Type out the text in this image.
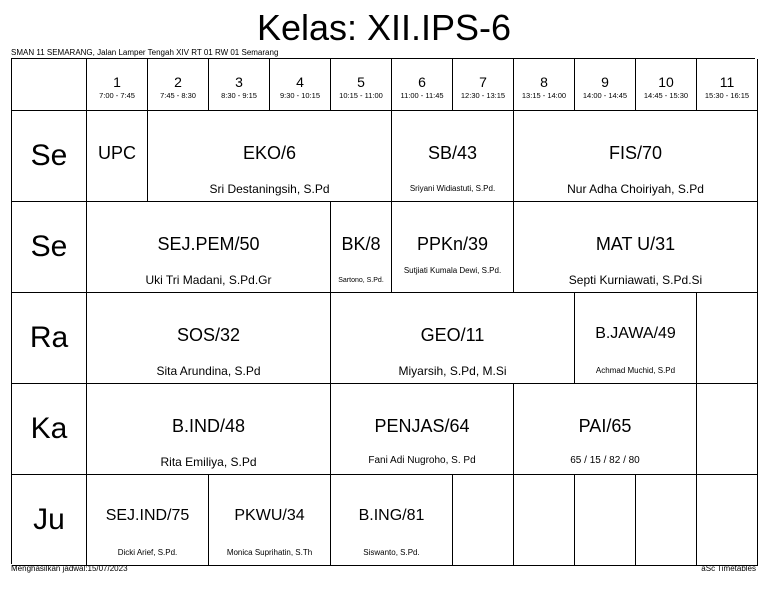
Kelas: XII.IPS-6
SMAN 11 SEMARANG, Jalan Lamper Tengah XIV RT 01 RW 01 Semarang
1
7:00 - 7:45
2
7:45 - 8:30
3
8:30 - 9:15
4
9:30 - 10:15
5
10:15 - 11:00
6
11:00 - 11:45
7
12:30 - 13:15
8
13:15 - 14:00
9
14:00 - 14:45
10
14:45 - 15:30
11
15:30 - 16:15
Se
Se
Ra
Ka
Ju
UPC	EKO/6
Sri Destaningsih, S.Pd
SB/43
Sriyani Widiastuti, S.Pd.
FIS/70
Nur Adha Choiriyah, S.Pd
SEJ.PEM/50
Uki Tri Madani, S.Pd.Gr
BK/8
Sartono, S.Pd.
PPKn/39
Sutjiati Kumala Dewi, S.Pd.
MAT U/31
Septi Kurniawati, S.Pd.Si
SOS/32
Sita Arundina, S.Pd
GEO/11
Miyarsih, S.Pd, M.Si
B.JAWA/49
Achmad Muchid, S.Pd
B.IND/48
Rita Emiliya, S.Pd
PENJAS/64
Fani Adi Nugroho, S. Pd
PAI/65
65 / 15 / 82 / 80
SEJ.IND/75
Dicki Arief, S.Pd.
PKWU/34
Monica Suprihatin, S.Th
B.ING/81
Siswanto, S.Pd.
Menghasilkan jadwal:15/07/2023	aSc Timetables
